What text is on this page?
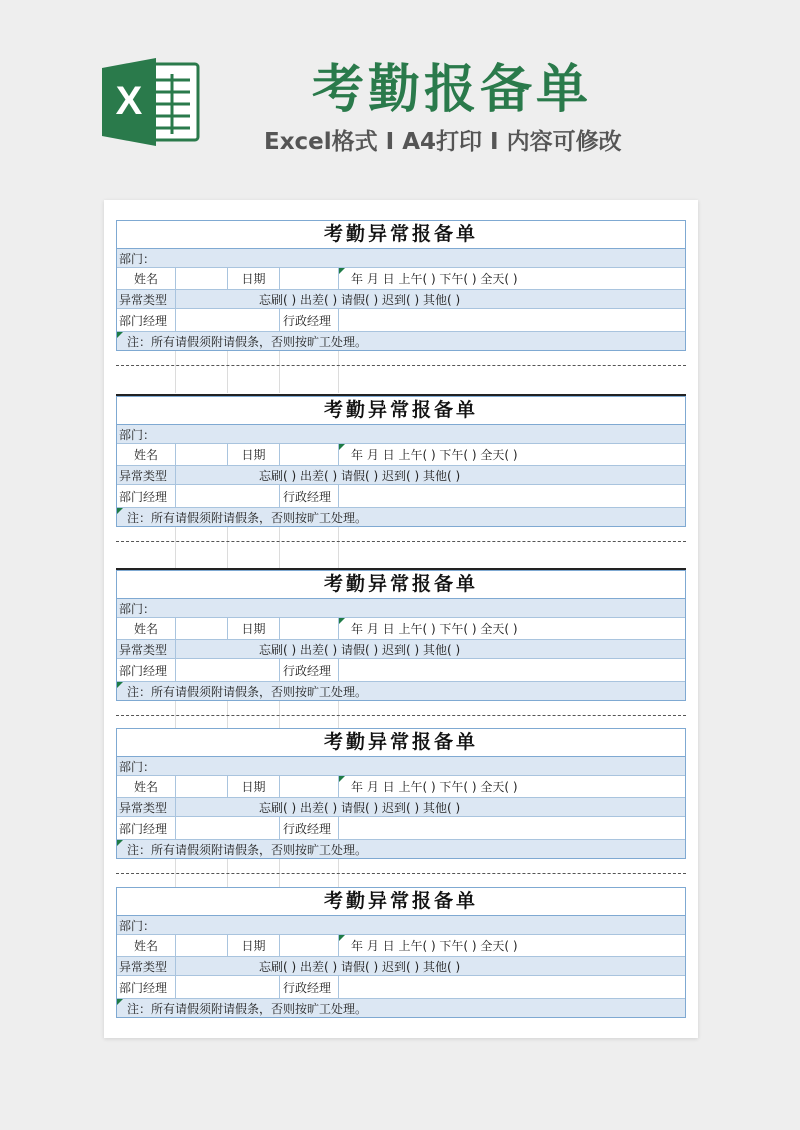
X	考勤报备单
Excel格式 I A4打印 I 内容可修改
考勤异常报备单
部门：
姓名	日期	年 月 日 上午( ) 下午( ) 全天( )
异常类型	忘刷( ) 出差( ) 请假( ) 迟到( ) 其他( )
部门经理	行政经理
注：所有请假须附请假条，否则按旷工处理。
考勤异常报备单
部门：
姓名	日期	年 月 日 上午( ) 下午( ) 全天( )
异常类型	忘刷( ) 出差( ) 请假( ) 迟到( ) 其他( )
部门经理	行政经理
注：所有请假须附请假条，否则按旷工处理。
考勤异常报备单
部门：
姓名	日期	年 月 日 上午( ) 下午( ) 全天( )
异常类型	忘刷( ) 出差( ) 请假( ) 迟到( ) 其他( )
部门经理	行政经理
注：所有请假须附请假条，否则按旷工处理。
考勤异常报备单
部门：
姓名	日期	年 月 日 上午( ) 下午( ) 全天( )
异常类型	忘刷( ) 出差( ) 请假( ) 迟到( ) 其他( )
部门经理	行政经理
注：所有请假须附请假条，否则按旷工处理。
考勤异常报备单
部门：
姓名	日期	年 月 日 上午( ) 下午( ) 全天( )
异常类型	忘刷( ) 出差( ) 请假( ) 迟到( ) 其他( )
部门经理	行政经理
注：所有请假须附请假条，否则按旷工处理。
